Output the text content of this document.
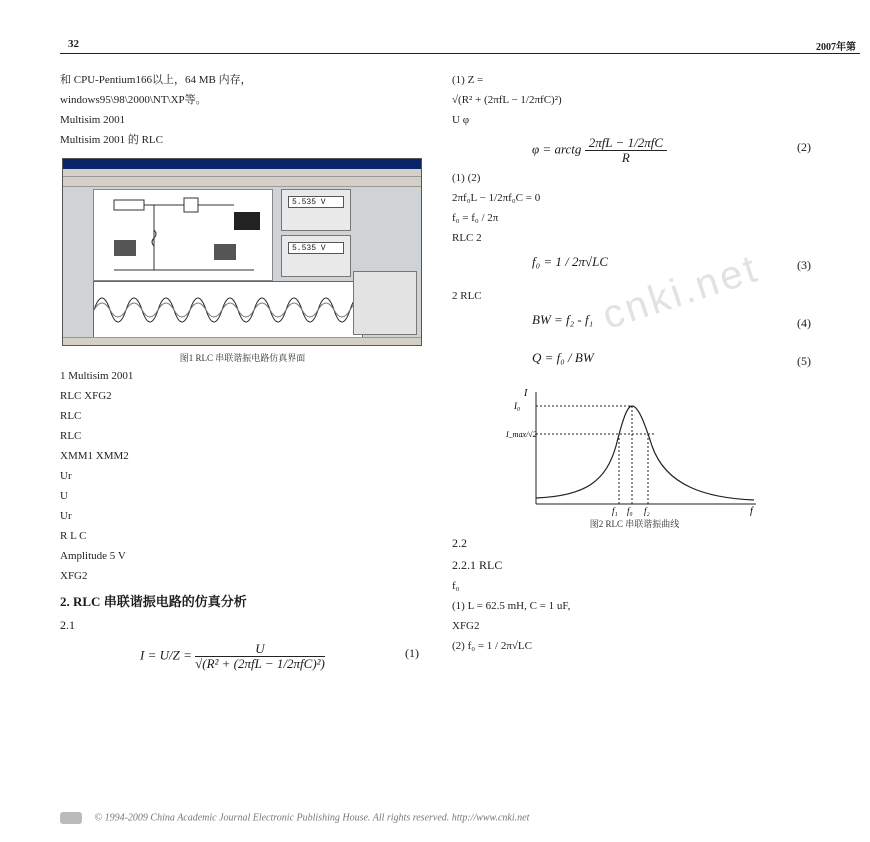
32	2007年第
cnki.net
和 CPU-Pentium166以上，64 MB 内存，
windows95\98\2000\NT\XP等。
Multisim 2001
Multisim 2001 的 RLC
5.535 V
5.535 V
图1 RLC 串联谐振电路仿真界面
1 Multisim 2001
RLC XFG2
RLC
RLC
XMM1 XMM2
Ur
U
Ur
R L C
Amplitude 5 V
XFG2
2. RLC 串联谐振电路的仿真分析
2.1
$I = U/Z = \frac{U}{\text{√(R² + (2πfL − 1/2πfC)²)}}$	(1)
(1) Z =
√(R² + (2πfL − 1/2πfC)²)
U φ
φ = arctg $\frac{\text{2πfL − 1/2πfC}}{R}$	(2)
(1) (2)
2πf₀L − 1/2πf₀C = 0
f₀ = f₀ / 2π
RLC 2
f₀ = 1 / 2π√LC	(3)
2 RLC
BW = f₂ - f₁	(4)
Q = f₀ / BW	(5)
I
I₀
I_max/√2
f₁ f₀ f₂	f
图2 RLC 串联谐振曲线
2.2
2.2.1 RLC
f₀
(1) L = 62.5 mH, C = 1 uF,
XFG2
(2) f₀ = 1 / 2π√LC
© 1994-2009 China Academic Journal Electronic Publishing House. All rights reserved. http://www.cnki.net
